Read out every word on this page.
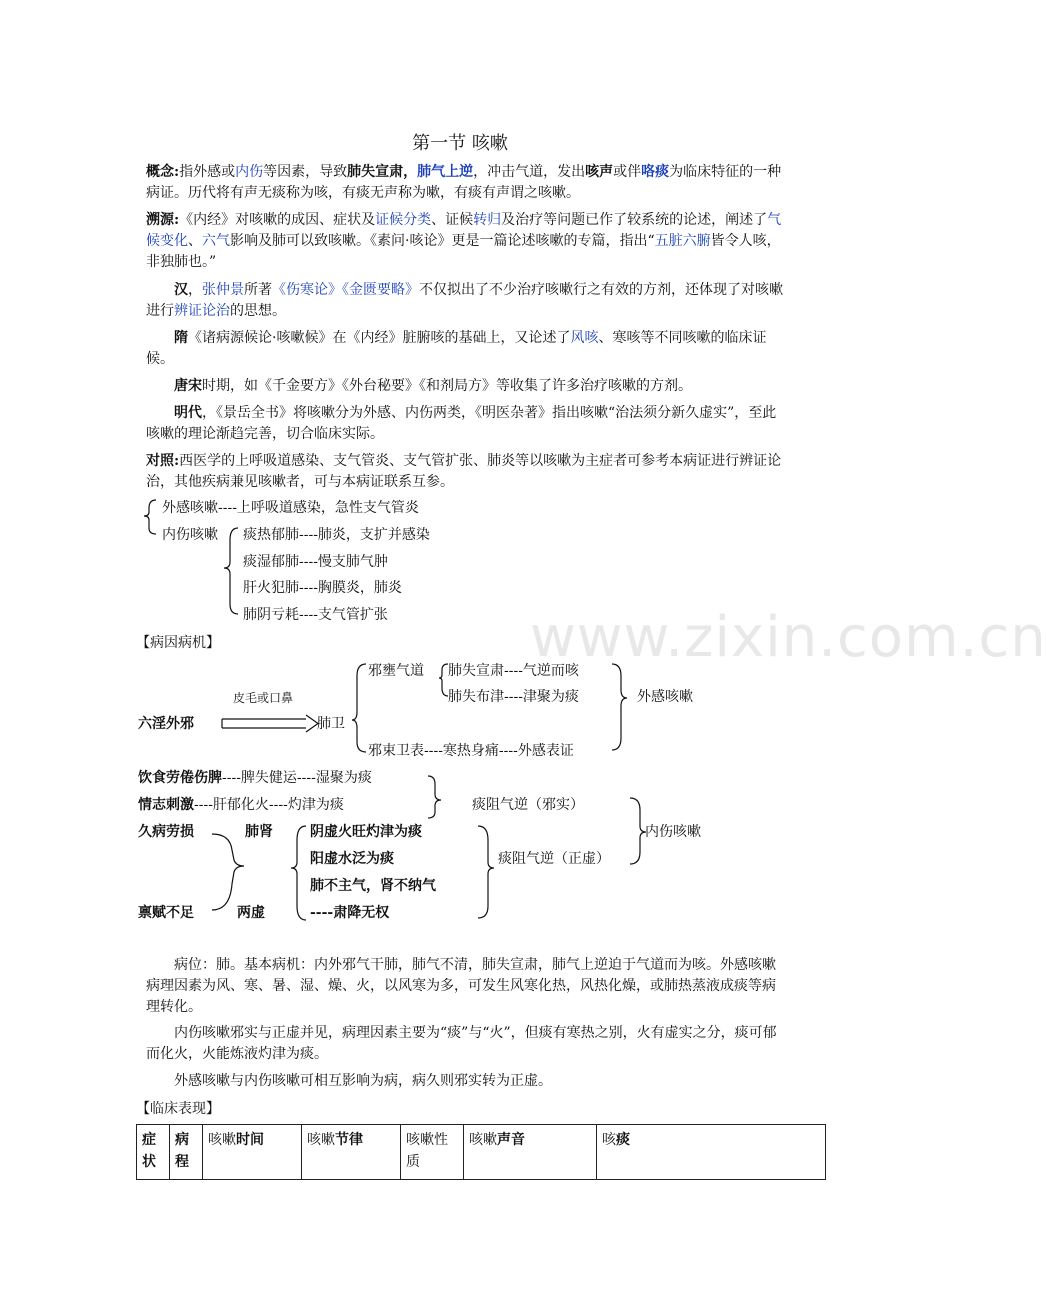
www.zixin.com.cn
第一节 咳嗽

概念:指外感或内伤等因素，导致肺失宣肃，肺气上逆，冲击气道，发出咳声或伴咯痰为临床特征的一种病证。历代将有声无痰称为咳，有痰无声称为嗽，有痰有声谓之咳嗽。

溯源:《内经》对咳嗽的成因、症状及证候分类、证候转归及治疗等问题已作了较系统的论述，阐述了气候变化、六气影响及肺可以致咳嗽。《素问·咳论》更是一篇论述咳嗽的专篇，指出“五脏六腑皆令人咳，非独肺也。”

汉，张仲景所著《伤寒论》《金匮要略》不仅拟出了不少治疗咳嗽行之有效的方剂，还体现了对咳嗽进行辨证论治的思想。

隋《诸病源候论·咳嗽候》在《内经》脏腑咳的基础上，又论述了风咳、寒咳等不同咳嗽的临床证候。

唐宋时期，如《千金要方》《外台秘要》《和剂局方》等收集了许多治疗咳嗽的方剂。

明代，《景岳全书》将咳嗽分为外感、内伤两类，《明医杂著》指出咳嗽“治法须分新久虚实”，至此咳嗽的理论渐趋完善，切合临床实际。

对照:西医学的上呼吸道感染、支气管炎、支气管扩张、肺炎等以咳嗽为主症者可参考本病证进行辨证论治，其他疾病兼见咳嗽者，可与本病证联系互参。

外感咳嗽----上呼吸道感染，急性支气管炎
内伤咳嗽 痰热郁肺----肺炎，支扩并感染
痰湿郁肺----慢支肺气肿
肝火犯肺----胸膜炎，肺炎
肺阴亏耗----支气管扩张
【病因病机】
皮毛或口鼻
六淫外邪	肺卫
邪壅气道 肺失宣肃----气逆而咳
肺失布津----津聚为痰	外感咳嗽
邪束卫表----寒热身痛----外感表证
饮食劳倦伤脾----脾失健运----湿聚为痰
情志刺激----肝郁化火----灼津为痰	痰阻气逆（邪实）
内伤咳嗽
久病劳损	肺肾
禀赋不足	两虚
阴虚火旺灼津为痰
阳虚水泛为痰
肺不主气，肾不纳气
----肃降无权
痰阻气逆（正虚）

病位：肺。基本病机：内外邪气干肺，肺气不清，肺失宣肃，肺气上逆迫于气道而为咳。外感咳嗽病理因素为风、寒、暑、湿、燥、火，以风寒为多，可发生风寒化热，风热化燥，或肺热蒸液成痰等病理转化。

内伤咳嗽邪实与正虚并见，病理因素主要为“痰”与“火”，但痰有寒热之别，火有虚实之分，痰可郁而化火，火能炼液灼津为痰。

外感咳嗽与内伤咳嗽可相互影响为病，病久则邪实转为正虚。

【临床表现】
症状	病程	咳嗽时间	咳嗽节律	咳嗽性质	咳嗽声音	咳痰
